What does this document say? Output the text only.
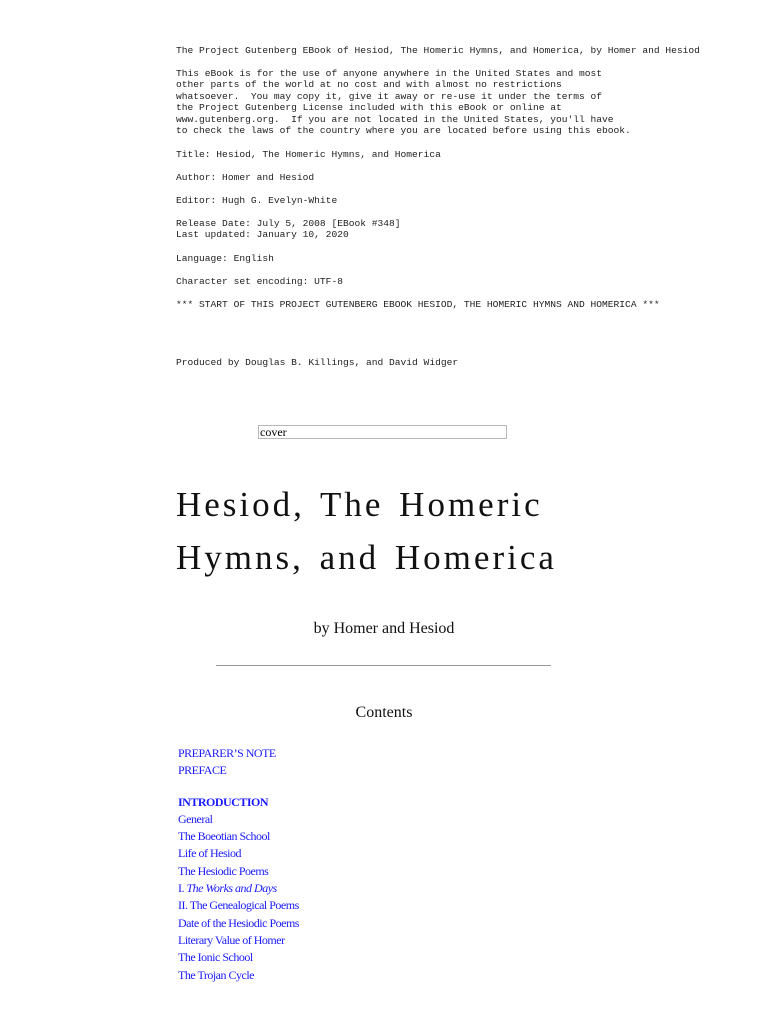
The Project Gutenberg EBook of Hesiod, The Homeric Hymns, and Homerica, by Homer and Hesiod
This eBook is for the use of anyone anywhere in the United States and most
other parts of the world at no cost and with almost no restrictions
whatsoever.  You may copy it, give it away or re-use it under the terms of
the Project Gutenberg License included with this eBook or online at
www.gutenberg.org.  If you are not located in the United States, you'll have
to check the laws of the country where you are located before using this ebook.
Title: Hesiod, The Homeric Hymns, and Homerica
Author: Homer and Hesiod
Editor: Hugh G. Evelyn-White
Release Date: July 5, 2008 [EBook #348]
Last updated: January 10, 2020
Language: English
Character set encoding: UTF-8
*** START OF THIS PROJECT GUTENBERG EBOOK HESIOD, THE HOMERIC HYMNS AND HOMERICA ***
Produced by Douglas B. Killings, and David Widger
cover
Hesiod, The Homeric Hymns, and Homerica
by Homer and Hesiod
Contents
PREPARER’S NOTE
PREFACE
INTRODUCTION
General
The Boeotian School
Life of Hesiod
The Hesiodic Poems
I. The Works and Days
II. The Genealogical Poems
Date of the Hesiodic Poems
Literary Value of Homer
The Ionic School
The Trojan Cycle
